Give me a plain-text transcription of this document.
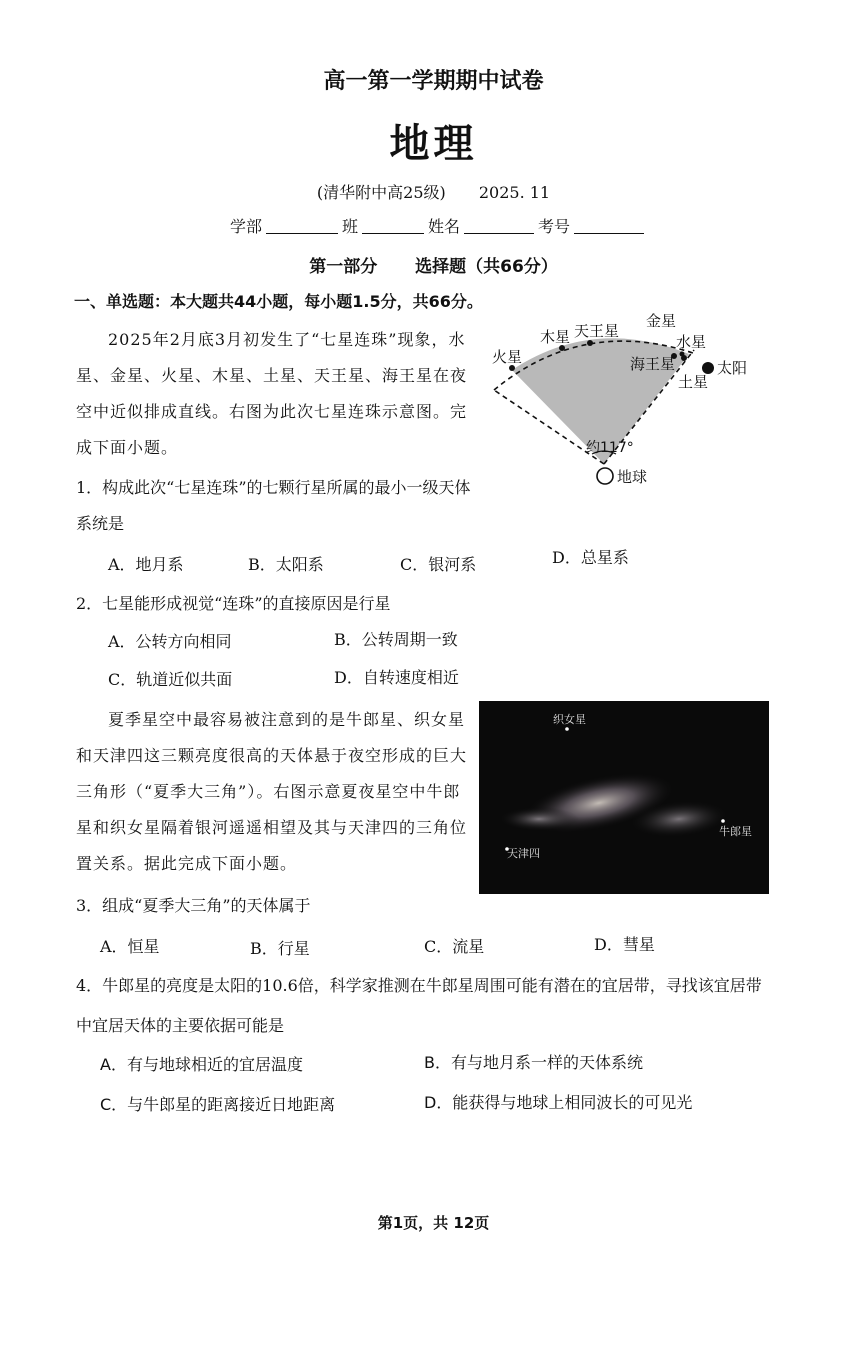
高一第一学期期中试卷
地理
(清华附中高25级) 2025. 11
学部	班	姓名	考号
第一部分 选择题（共66分）
一、单选题：本大题共44小题，每小题1.5分，共66分。
2025年2月底3月初发生了“七星连珠”现象，水星、金星、火星、木星、土星、天王星、海王星在夜空中近似排成直线。右图为此次七星连珠示意图。完成下面小题。
火星
木星 天王星
金星
水星
海王星
土星
太阳
地球
约117°
1．构成此次“七星连珠”的七颗行星所属的最小一级天体系统是
A．地月系	B．太阳系	C．银河系	D．总星系
2．七星能形成视觉“连珠”的直接原因是行星
A．公转方向相同	B．公转周期一致
C．轨道近似共面	D．自转速度相近
夏季星空中最容易被注意到的是牛郎星、织女星和天津四这三颗亮度很高的天体悬于夜空形成的巨大三角形（“夏季大三角”）。右图示意夏夜星空中牛郎星和织女星隔着银河遥遥相望及其与天津四的三角位置关系。据此完成下面小题。
织女星
牛郎星
天津四
3．组成“夏季大三角”的天体属于
A．恒星	B．行星	C．流星	D．彗星
4．牛郎星的亮度是太阳的10.6倍，科学家推测在牛郎星周围可能有潜在的宜居带，寻找该宜居带中宜居天体的主要依据可能是
A．有与地球相近的宜居温度	B．有与地月系一样的天体系统
C．与牛郎星的距离接近日地距离	D．能获得与地球上相同波长的可见光
第1页，共 12页
